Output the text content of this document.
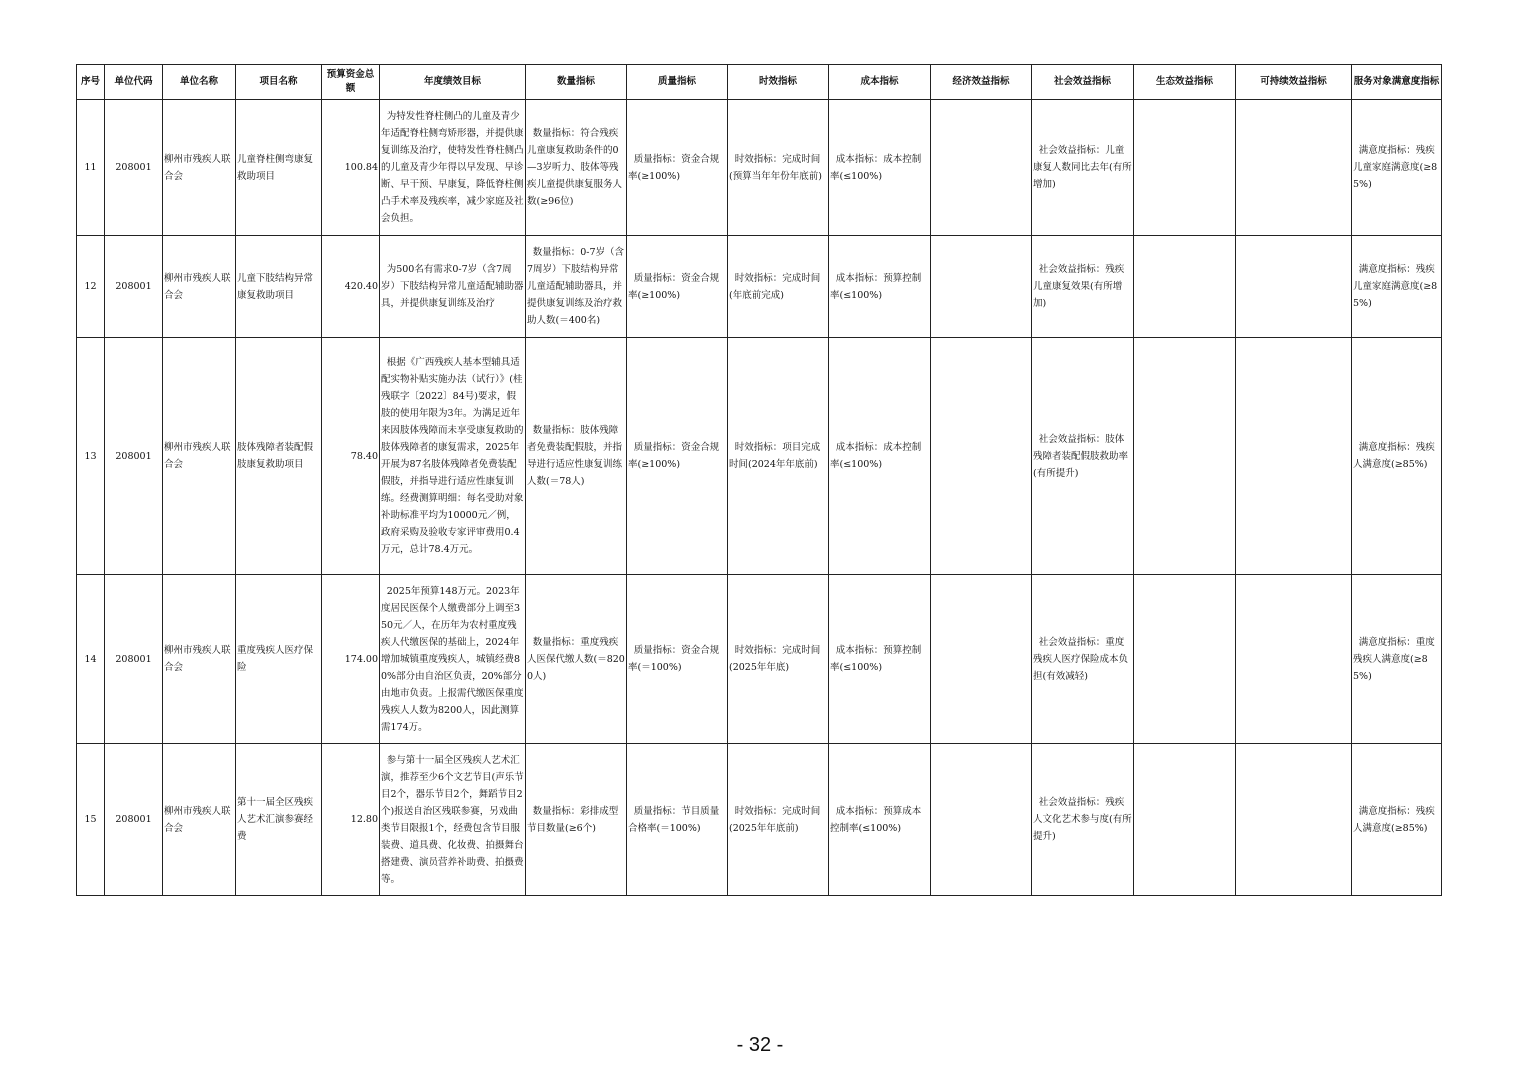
序号	单位代码	单位名称	项目名称	预算资金总额	年度绩效目标	数量指标	质量指标	时效指标	成本指标	经济效益指标	社会效益指标	生态效益指标	可持续效益指标	服务对象满意度指标
11	208001	柳州市残疾人联合会	儿童脊柱侧弯康复救助项目	100.84	为特发性脊柱侧凸的儿童及青少年适配脊柱侧弯矫形器，并提供康复训练及治疗，使特发性脊柱侧凸的儿童及青少年得以早发现、早诊断、早干预、早康复，降低脊柱侧凸手术率及残疾率，减少家庭及社会负担。	数量指标：符合残疾儿童康复救助条件的0—3岁听力、肢体等残疾儿童提供康复服务人数(≥96位)	质量指标：资金合规率(≥100%)	时效指标：完成时间(预算当年年份年底前)	成本指标：成本控制率(≤100%)		社会效益指标：儿童康复人数同比去年(有所增加)			满意度指标：残疾儿童家庭满意度(≥85%)
12	208001	柳州市残疾人联合会	儿童下肢结构异常康复救助项目	420.40	为500名有需求0-7岁（含7周岁）下肢结构异常儿童适配辅助器具，并提供康复训练及治疗	数量指标：0-7岁（含7周岁）下肢结构异常儿童适配辅助器具，并提供康复训练及治疗救助人数(＝400名)	质量指标：资金合规率(≥100%)	时效指标：完成时间(年底前完成)	成本指标：预算控制率(≤100%)		社会效益指标：残疾儿童康复效果(有所增加)			满意度指标：残疾儿童家庭满意度(≥85%)
13	208001	柳州市残疾人联合会	肢体残障者装配假肢康复救助项目	78.40	根据《广西残疾人基本型辅具适配实物补贴实施办法（试行）》(桂残联字〔2022〕84号)要求，假肢的使用年限为3年。为满足近年来因肢体残障而未享受康复救助的肢体残障者的康复需求，2025年开展为87名肢体残障者免费装配假肢，并指导进行适应性康复训练。经费测算明细：每名受助对象补助标准平均为10000元／例，政府采购及验收专家评审费用0.4万元，总计78.4万元。	数量指标：肢体残障者免费装配假肢，并指导进行适应性康复训练人数(＝78人)	质量指标：资金合规率(≥100%)	时效指标：项目完成时间(2024年年底前)	成本指标：成本控制率(≤100%)		社会效益指标：肢体残障者装配假肢救助率(有所提升)			满意度指标：残疾人满意度(≥85%)
14	208001	柳州市残疾人联合会	重度残疾人医疗保险	174.00	2025年预算148万元。2023年度居民医保个人缴费部分上调至350元／人，在历年为农村重度残疾人代缴医保的基础上，2024年增加城镇重度残疾人，城镇经费80%部分由自治区负责，20%部分由地市负责。上报需代缴医保重度残疾人人数为8200人，因此测算需174万。	数量指标：重度残疾人医保代缴人数(＝8200人)	质量指标：资金合规率(＝100%)	时效指标：完成时间(2025年年底)	成本指标：预算控制率(≤100%)		社会效益指标：重度残疾人医疗保险成本负担(有效减轻)			满意度指标：重度残疾人满意度(≥85%)
15	208001	柳州市残疾人联合会	第十一届全区残疾人艺术汇演参赛经费	12.80	参与第十一届全区残疾人艺术汇演，推荐至少6个文艺节目(声乐节目2个，器乐节目2个，舞蹈节目2个)报送自治区残联参赛，另戏曲类节目限报1个，经费包含节目服装费、道具费、化妆费、拍摄舞台搭建费、演员营养补助费、拍摄费等。	数量指标：彩排成型节目数量(≥6个)	质量指标：节目质量合格率(＝100%)	时效指标：完成时间(2025年年底前)	成本指标：预算成本控制率(≤100%)		社会效益指标：残疾人文化艺术参与度(有所提升)			满意度指标：残疾人满意度(≥85%)
- 32 -
